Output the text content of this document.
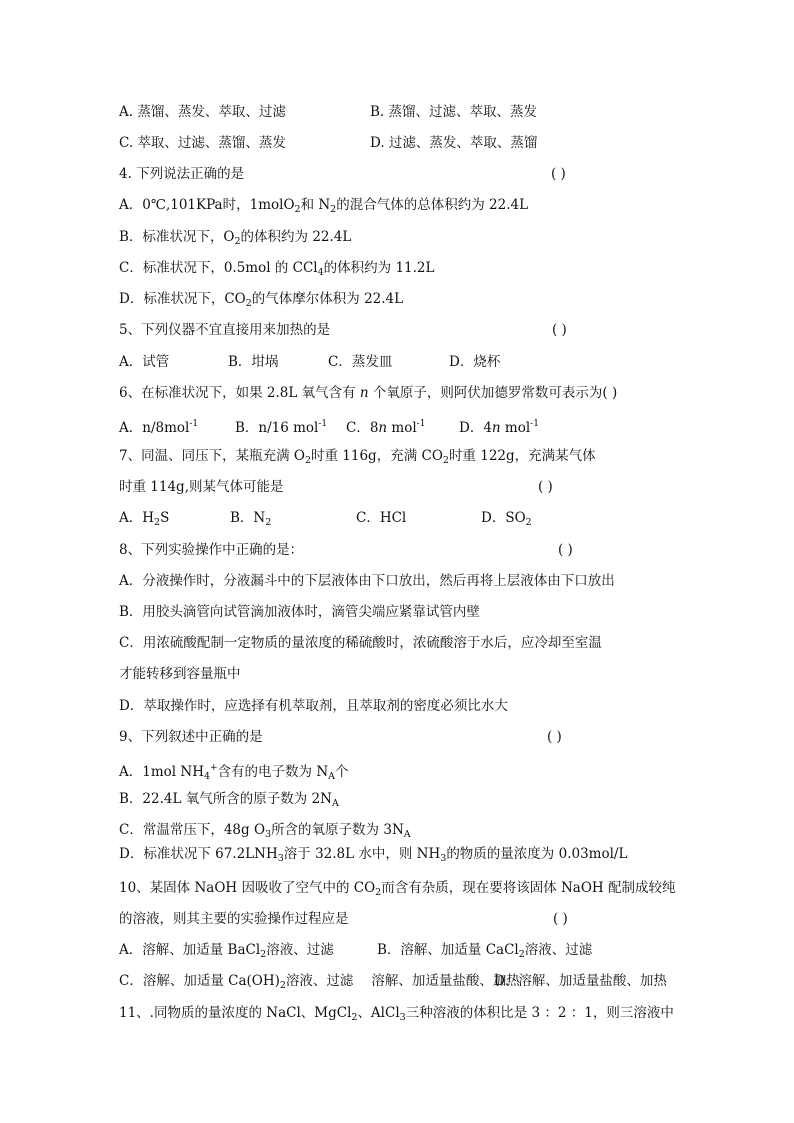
A. 蒸馏、蒸发、萃取、过滤	B. 蒸馏、过滤、萃取、蒸发
C. 萃取、过滤、蒸馏、蒸发	D. 过滤、蒸发、萃取、蒸馏
4. 下列说法正确的是	( )
A．0℃,101KPa时，1molO$_2$和 $N_2$的混合气体的总体积约为 22.4L
B．标准状况下，$O_2$的体积约为 22.4L
C．标准状况下，0.5mol 的 CCl$_4$的体积约为 11.2L
D．标准状况下，$CO_2$的气体摩尔体积为 22.4L
5、下列仪器不宜直接用来加热的是	( )
A．试管	B．坩埚	C．蒸发皿	D．烧杯
6、在标准状况下，如果 2.8L 氧气含有 n 个氧原子，则阿伏加德罗常数可表示为( )
A．n/8mol$^{-1}$	B．n/16 mol$^{-1}$ C．8n mol$^{-1}$ D．4n mol$^{-1}$
7、同温、同压下，某瓶充满 $O_2$时重 116g，充满 $CO_2$时重 122g，充满某气体
时重 114g,则某气体可能是	( )
A．$H_2S$	B．$N_2$	C．HCl	D．$SO_2$
8、下列实验操作中正确的是：	( )
A．分液操作时，分液漏斗中的下层液体由下口放出，然后再将上层液体由下口放出
B．用胶头滴管向试管滴加液体时，滴管尖端应紧靠试管内壁
C．用浓硫酸配制一定物质的量浓度的稀硫酸时，浓硫酸溶于水后，应冷却至室温
才能转移到容量瓶中
D．萃取操作时，应选择有机萃取剂，且萃取剂的密度必须比水大
9、下列叙述中正确的是	( )
A．1mol $NH_4^+$含有的电子数为 $N_A$个
B．22.4L 氧气所含的原子数为 $2N_A$
C．常温常压下，48g $O_3$所含的氧原子数为 $3N_A$
D．标准状况下 $67.2LNH_3$溶于 32.8L 水中，则 $NH_3$的物质的量浓度为 0.03mol/L
10、某固体 NaOH 因吸收了空气中的 $CO_2$而含有杂质，现在要将该固体 NaOH 配制成较纯
的溶液，则其主要的实验操作过程应是	( )
A．溶解、加适量 BaCl$_2$溶液、过滤	B．溶解、加适量 CaCl$_2$溶液、过滤
C．溶解、加适量 $Ca(OH)_2$溶液、过滤 溶解、加适量盐酸、加热
D．溶解、加适量盐酸、加热
11、.同物质的量浓度的 NaCl、MgCl$_2$、AlCl$_3$三种溶液的体积比是 3 ：2 ：1，则三溶液中
